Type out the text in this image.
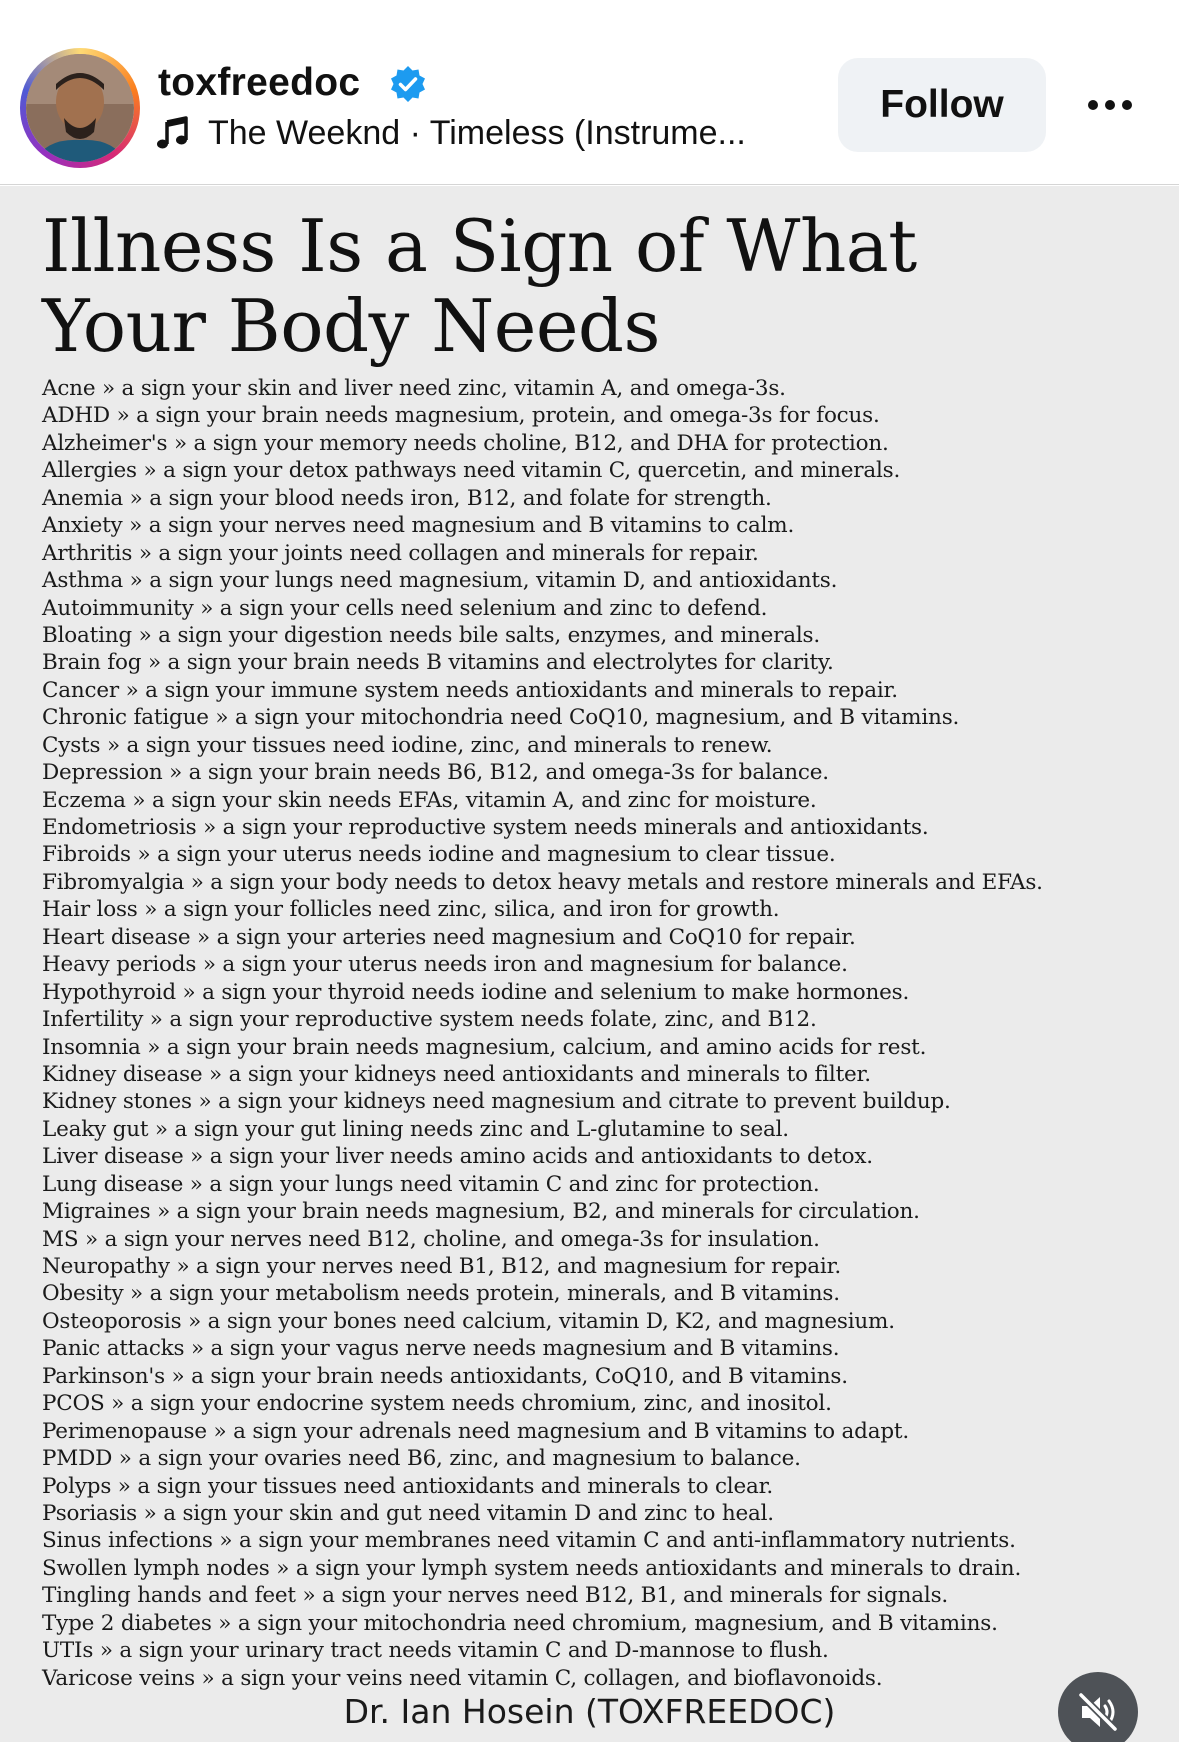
toxfreedoc
The Weeknd · Timeless (Instrume...
Follow
Illness Is a Sign of What
Your Body Needs
Acne » a sign your skin and liver need zinc, vitamin A, and omega-3s.
ADHD » a sign your brain needs magnesium, protein, and omega-3s for focus.
Alzheimer's » a sign your memory needs choline, B12, and DHA for protection.
Allergies » a sign your detox pathways need vitamin C, quercetin, and minerals.
Anemia » a sign your blood needs iron, B12, and folate for strength.
Anxiety » a sign your nerves need magnesium and B vitamins to calm.
Arthritis » a sign your joints need collagen and minerals for repair.
Asthma » a sign your lungs need magnesium, vitamin D, and antioxidants.
Autoimmunity » a sign your cells need selenium and zinc to defend.
Bloating » a sign your digestion needs bile salts, enzymes, and minerals.
Brain fog » a sign your brain needs B vitamins and electrolytes for clarity.
Cancer » a sign your immune system needs antioxidants and minerals to repair.
Chronic fatigue » a sign your mitochondria need CoQ10, magnesium, and B vitamins.
Cysts » a sign your tissues need iodine, zinc, and minerals to renew.
Depression » a sign your brain needs B6, B12, and omega-3s for balance.
Eczema » a sign your skin needs EFAs, vitamin A, and zinc for moisture.
Endometriosis » a sign your reproductive system needs minerals and antioxidants.
Fibroids » a sign your uterus needs iodine and magnesium to clear tissue.
Fibromyalgia » a sign your body needs to detox heavy metals and restore minerals and EFAs.
Hair loss » a sign your follicles need zinc, silica, and iron for growth.
Heart disease » a sign your arteries need magnesium and CoQ10 for repair.
Heavy periods » a sign your uterus needs iron and magnesium for balance.
Hypothyroid » a sign your thyroid needs iodine and selenium to make hormones.
Infertility » a sign your reproductive system needs folate, zinc, and B12.
Insomnia » a sign your brain needs magnesium, calcium, and amino acids for rest.
Kidney disease » a sign your kidneys need antioxidants and minerals to filter.
Kidney stones » a sign your kidneys need magnesium and citrate to prevent buildup.
Leaky gut » a sign your gut lining needs zinc and L-glutamine to seal.
Liver disease » a sign your liver needs amino acids and antioxidants to detox.
Lung disease » a sign your lungs need vitamin C and zinc for protection.
Migraines » a sign your brain needs magnesium, B2, and minerals for circulation.
MS » a sign your nerves need B12, choline, and omega-3s for insulation.
Neuropathy » a sign your nerves need B1, B12, and magnesium for repair.
Obesity » a sign your metabolism needs protein, minerals, and B vitamins.
Osteoporosis » a sign your bones need calcium, vitamin D, K2, and magnesium.
Panic attacks » a sign your vagus nerve needs magnesium and B vitamins.
Parkinson's » a sign your brain needs antioxidants, CoQ10, and B vitamins.
PCOS » a sign your endocrine system needs chromium, zinc, and inositol.
Perimenopause » a sign your adrenals need magnesium and B vitamins to adapt.
PMDD » a sign your ovaries need B6, zinc, and magnesium to balance.
Polyps » a sign your tissues need antioxidants and minerals to clear.
Psoriasis » a sign your skin and gut need vitamin D and zinc to heal.
Sinus infections » a sign your membranes need vitamin C and anti-inflammatory nutrients.
Swollen lymph nodes » a sign your lymph system needs antioxidants and minerals to drain.
Tingling hands and feet » a sign your nerves need B12, B1, and minerals for signals.
Type 2 diabetes » a sign your mitochondria need chromium, magnesium, and B vitamins.
UTIs » a sign your urinary tract needs vitamin C and D-mannose to flush.
Varicose veins » a sign your veins need vitamin C, collagen, and bioflavonoids.
Dr. Ian Hosein (TOXFREEDOC)
